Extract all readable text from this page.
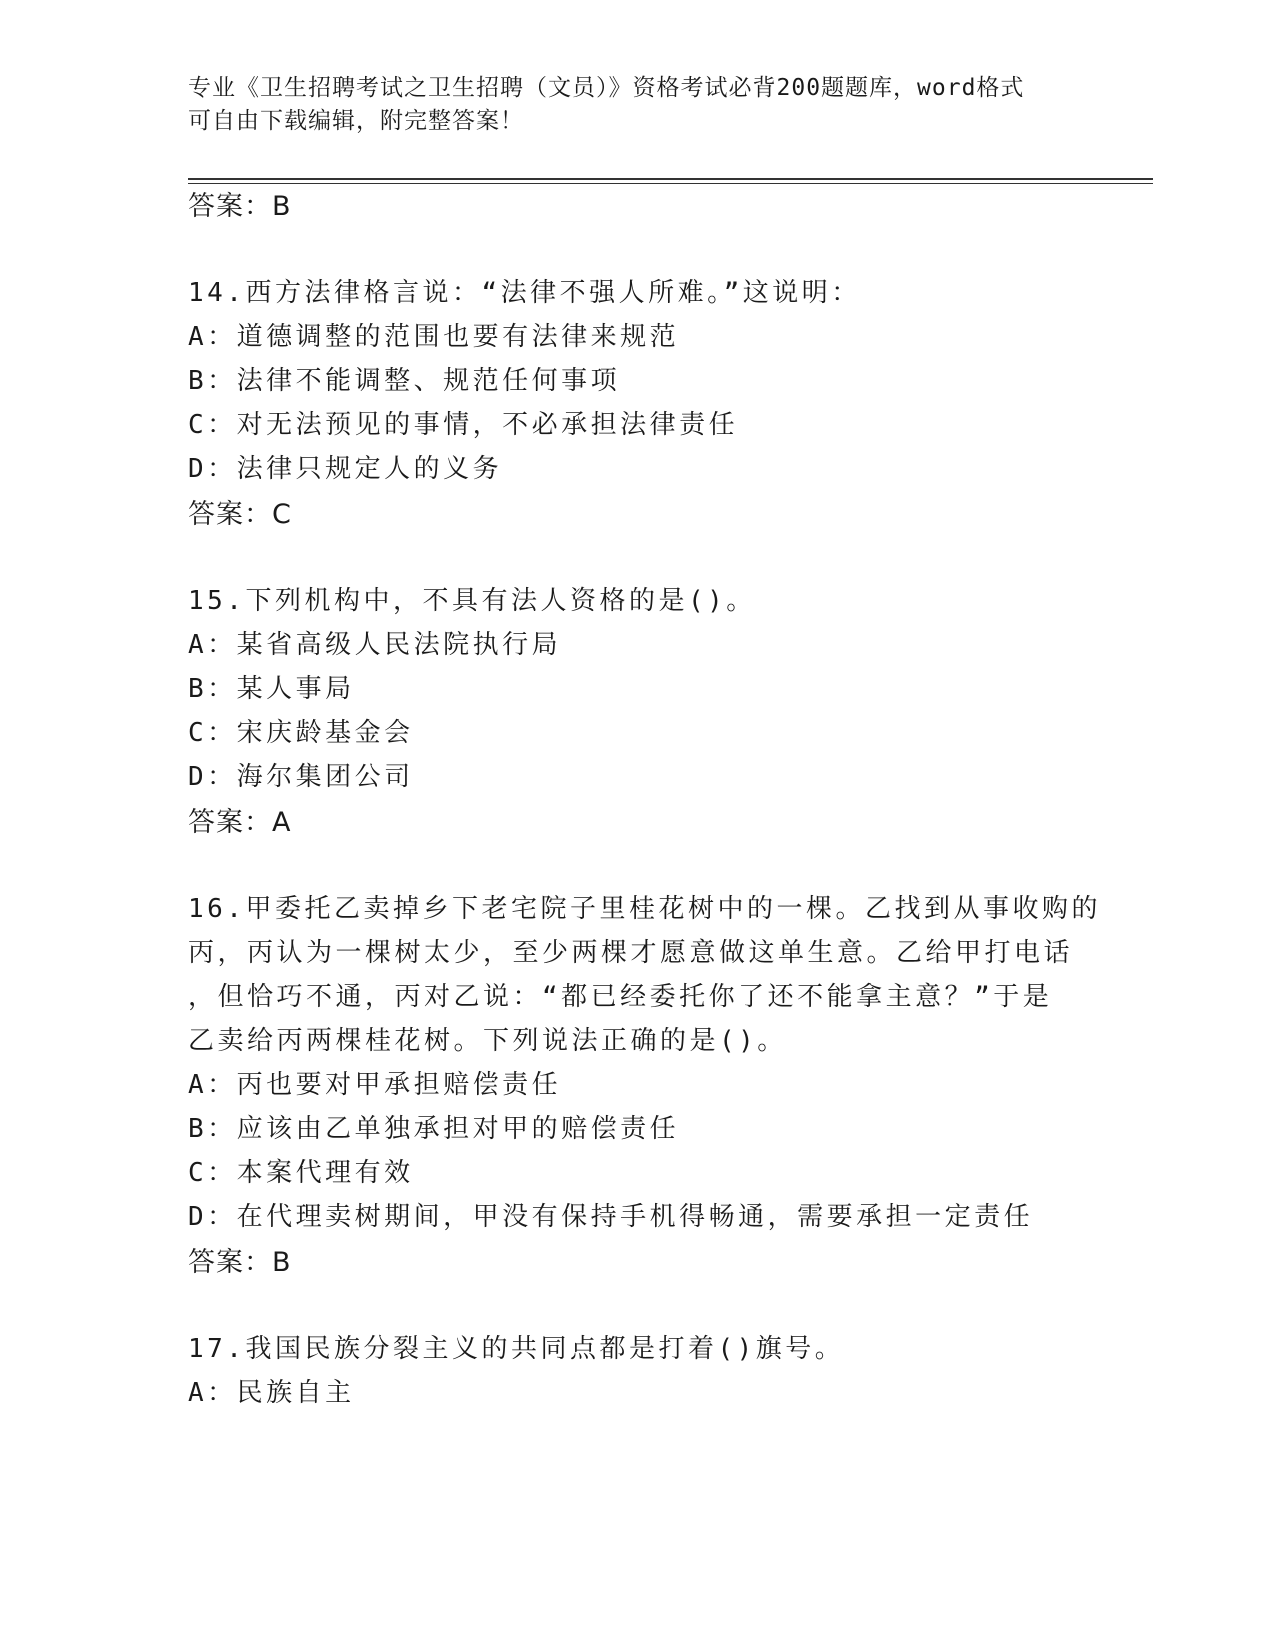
专业《卫生招聘考试之卫生招聘（文员）》资格考试必背200题题库，word格式
可自由下载编辑，附完整答案！
答案：B
14.西方法律格言说：“法律不强人所难。”这说明：
A：道德调整的范围也要有法律来规范
B：法律不能调整、规范任何事项
C：对无法预见的事情，不必承担法律责任
D：法律只规定人的义务
答案：C
15.下列机构中，不具有法人资格的是()。
A：某省高级人民法院执行局
B：某人事局
C：宋庆龄基金会
D：海尔集团公司
答案：A
16.甲委托乙卖掉乡下老宅院子里桂花树中的一棵。乙找到从事收购的
丙，丙认为一棵树太少，至少两棵才愿意做这单生意。乙给甲打电话
，但恰巧不通，丙对乙说：“都已经委托你了还不能拿主意？”于是
乙卖给丙两棵桂花树。下列说法正确的是()。
A：丙也要对甲承担赔偿责任
B：应该由乙单独承担对甲的赔偿责任
C：本案代理有效
D：在代理卖树期间，甲没有保持手机得畅通，需要承担一定责任
答案：B
17.我国民族分裂主义的共同点都是打着()旗号。
A：民族自主
